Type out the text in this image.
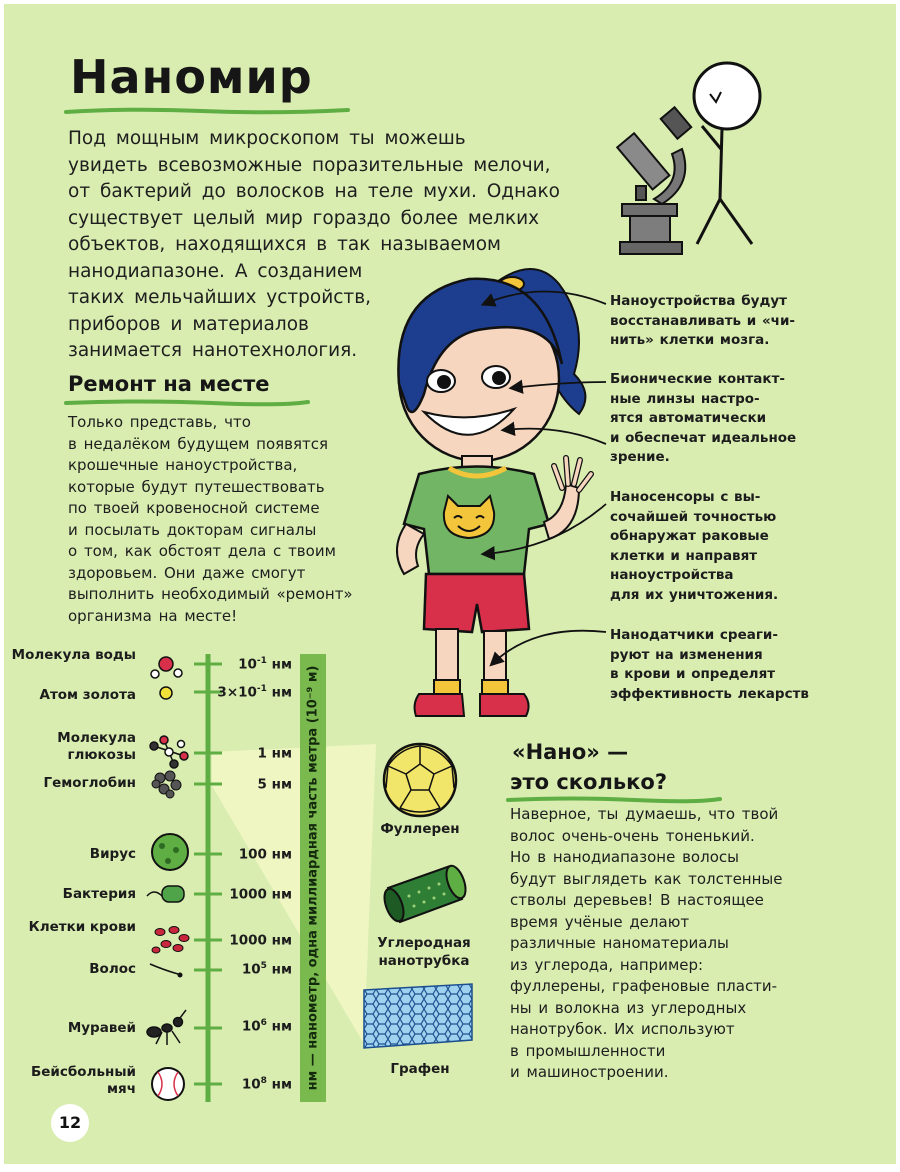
Наномир
Под мощным микроскопом ты можешь
увидеть всевозможные поразительные мелочи,
от бактерий до волосков на теле мухи. Однако
существует целый мир гораздо более мелких
объектов, находящихся в так называемом
нанодиапазоне. А созданием
таких мельчайших устройств,
приборов и материалов
занимается нанотехнология.
Наноустройства будут
восстанавливать и «чи-
нить» клетки мозга.
Бионические контакт-
ные линзы настро-
ятся автоматически
и обеспечат идеальное
зрение.
Наносенсоры с вы-
сочайшей точностью
обнаружат раковые
клетки и направят
наноустройства
для их уничтожения.
Нанодатчики среаги-
руют на изменения
в крови и определят
эффективность лекарств
Ремонт на месте
Только представь, что
в недалёком будущем появятся
крошечные наноустройства,
которые будут путешествовать
по твоей кровеносной системе
и посылать докторам сигналы
о том, как обстоят дела с твоим
здоровьем. Они даже смогут
выполнить необходимый «ремонт»
организма на месте!
Молекула воды
Атом золота
Молекула глюкозы
Гемоглобин
Вирус
Бактерия
Клетки крови
Волос
Муравей
Бейсбольный мяч
$10^{-1}$ нм
$3\times 10^{-1}$ нм
1 нм
5 нм
100 нм
1000 нм
1000 нм
$10^5$ нм
$10^6$ нм
$10^8$ нм нм — нанометр, одна миллиардная часть метра (10⁻⁹ м)	Фуллерен
Углеродная
нанотрубка
Графен
«Нано» —
это сколько?
Наверное, ты думаешь, что твой
волос очень-очень тоненький.
Но в нанодиапазоне волосы
будут выглядеть как толстенные
стволы деревьев! В настоящее
время учёные делают
различные наноматериалы
из углерода, например:
фуллерены, графеновые пласти-
ны и волокна из углеродных
нанотрубок. Их используют
в промышленности
и машиностроении.
12
